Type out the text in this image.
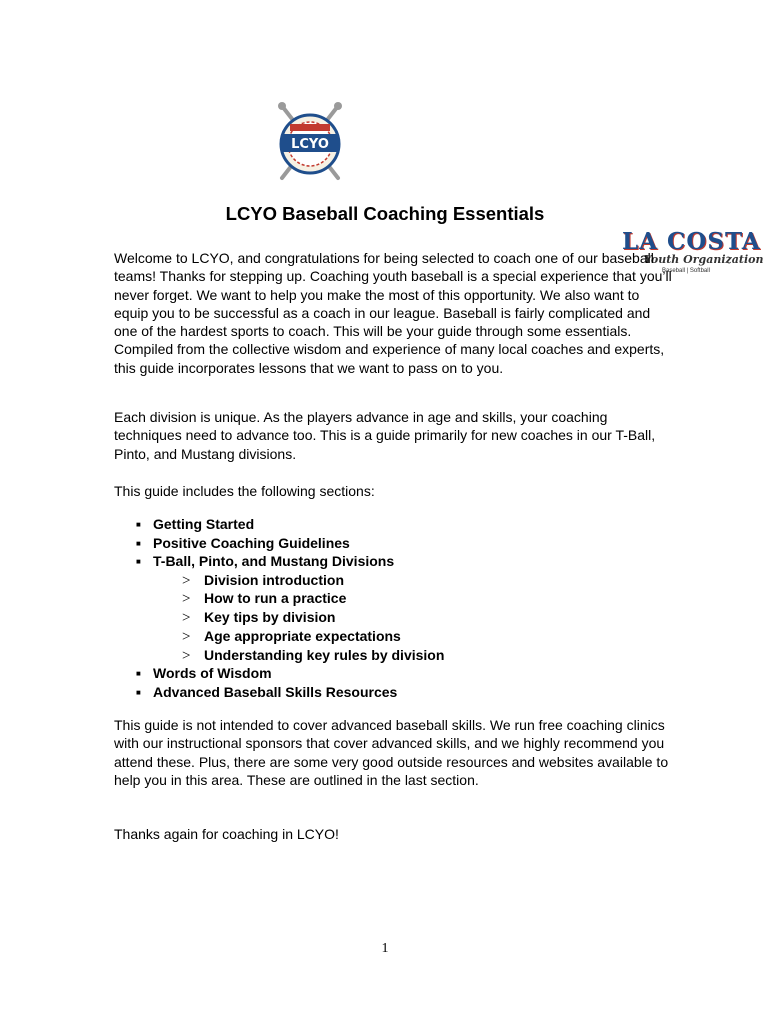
LCYO
LA COSTA
Youth Organization
Baseball | Softball
LCYO Baseball Coaching Essentials

Welcome to LCYO, and congratulations for being selected to coach one of our baseball teams! Thanks for stepping up. Coaching youth baseball is a special experience that you’ll never forget. We want to help you make the most of this opportunity. We also want to equip you to be successful as a coach in our league. Baseball is fairly complicated and one of the hardest sports to coach. This will be your guide through some essentials. Compiled from the collective wisdom and experience of many local coaches and experts, this guide incorporates lessons that we want to pass on to you.

Each division is unique. As the players advance in age and skills, your coaching techniques need to advance too. This is a guide primarily for new coaches in our T-Ball, Pinto, and Mustang divisions.

This guide includes the following sections:

■ Getting Started
■ Positive Coaching Guidelines
■ T-Ball, Pinto, and Mustang Divisions
> Division introduction
> How to run a practice
> Key tips by division
> Age appropriate expectations
> Understanding key rules by division
■ Words of Wisdom
■ Advanced Baseball Skills Resources

This guide is not intended to cover advanced baseball skills. We run free coaching clinics with our instructional sponsors that cover advanced skills, and we highly recommend you attend these. Plus, there are some very good outside resources and websites available to help you in this area. These are outlined in the last section.

Thanks again for coaching in LCYO!

1
